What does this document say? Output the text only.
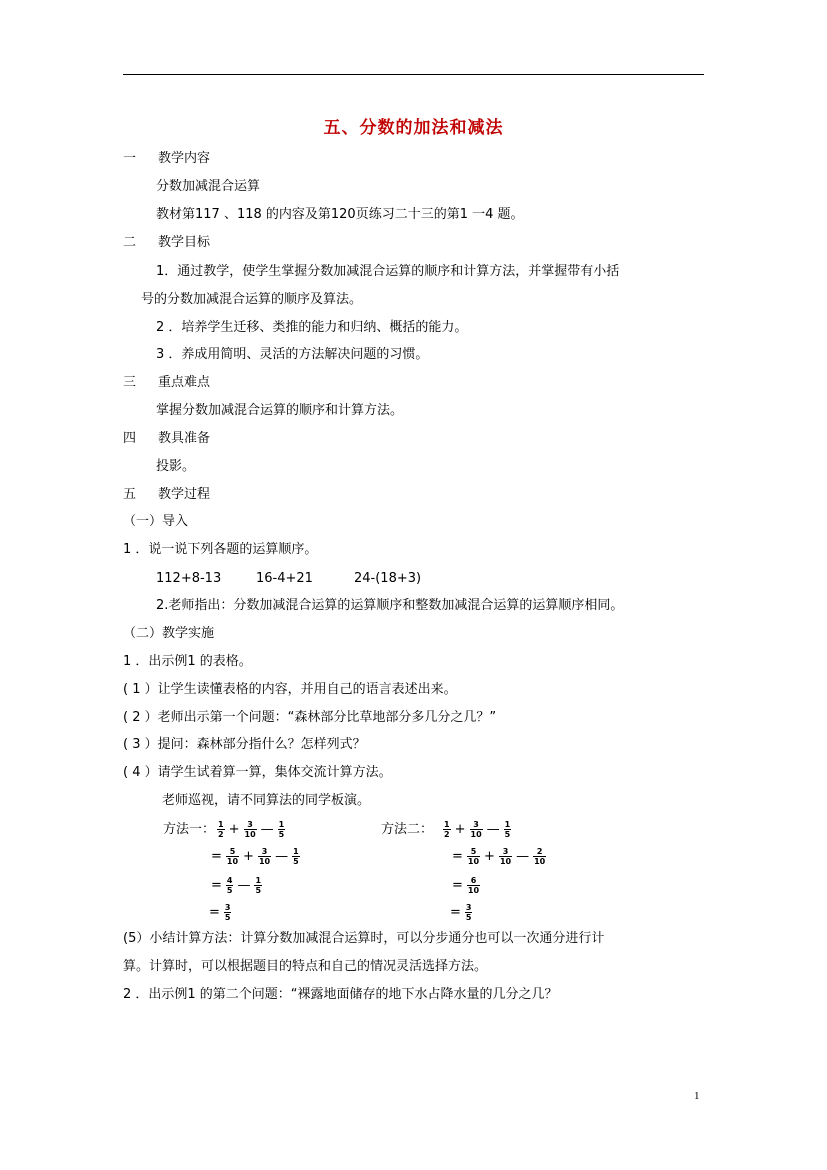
五、分数的加法和减法
一 教学内容
分数加减混合运算
教材第117 、118 的内容及第120页练习二十三的第1 一4 题。
二 教学目标
1．通过教学，使学生掌握分数加减混合运算的顺序和计算方法，并掌握带有小括
号的分数加减混合运算的顺序及算法。
2 ．培养学生迁移、类推的能力和归纳、概括的能力。
3 ．养成用简明、灵活的方法解决问题的习惯。
三 重点难点
掌握分数加减混合运算的顺序和计算方法。
四 教具准备
投影。
五 教学过程
（一）导入
1 ．说一说下列各题的运算顺序。
112+8-13	16-4+21	24-(18+3)
2.老师指出：分数加减混合运算的运算顺序和整数加减混合运算的运算顺序相同。
（二）教学实施
1 ．出示例1 的表格。
( 1 ）让学生读懂表格的内容，并用自己的语言表述出来。
( 2 ）老师出示第一个问题：“森林部分比草地部分多几分之几？”
( 3 ）提问：森林部分指什么？怎样列式？
( 4 ）请学生试着算一算，集体交流计算方法。
老师巡视，请不同算法的同学板演。
方法一： $\frac{1}{2} + \frac{3}{10}$ — $\frac{1}{5}$
= $\frac{5}{10} + \frac{3}{10}$ — $\frac{1}{5}$
= $\frac{4}{5}$ — $\frac{1}{5}$
= $\frac{3}{5}$
方法二： $\frac{1}{2} + \frac{3}{10}$ — $\frac{1}{5}$
= $\frac{5}{10} + \frac{3}{10}$ — $\frac{2}{10}$
= $\frac{6}{10}$
= $\frac{3}{5}$
(5）小结计算方法：计算分数加减混合运算时，可以分步通分也可以一次通分进行计
算。计算时，可以根据题目的特点和自己的情况灵活选择方法。
2 ．出示例1 的第二个问题：“裸露地面储存的地下水占降水量的几分之几？
1
